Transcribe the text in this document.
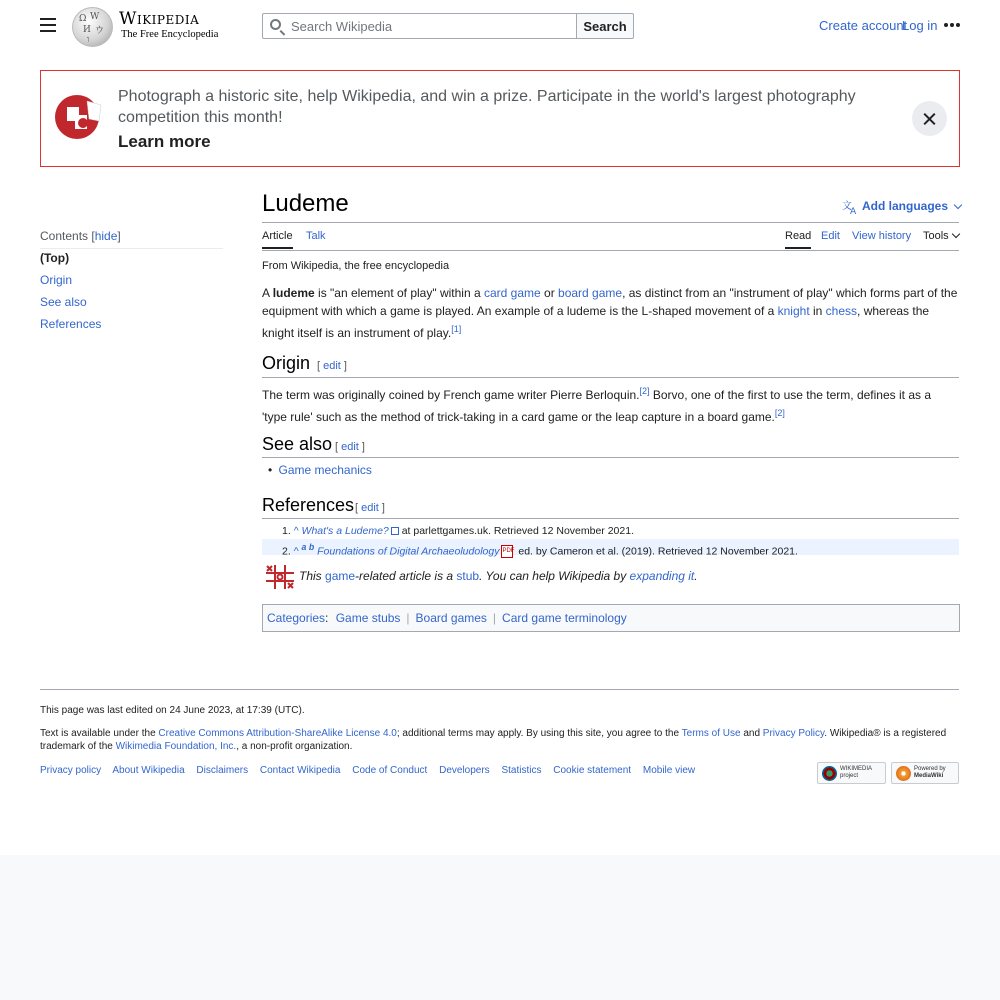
Ω W
И ウ
ו
Wikipedia
The Free Encyclopedia
Search Wikipedia
Search	Create account
Log in
Photograph a historic site, help Wikipedia, and win a prize. Participate in the world's largest photography competition this month!
Learn more
Contents [hide]
(Top)
Origin
See also
References
Ludeme	文
A Add languages
Article Talk	Read Edit View history Tools
From Wikipedia, the free encyclopedia
A ludeme is "an element of play" within a card game or board game, as distinct from an "instrument of play" which forms part of the equipment with which a game is played. An example of a ludeme is the L-shaped movement of a knight in chess, whereas the knight itself is an instrument of play.[1]
Origin [ edit ]
The term was originally coined by French game writer Pierre Berloquin.[2] Borvo, one of the first to use the term, defines it as a 'type rule' such as the method of trick-taking in a card game or the leap capture in a board game.[2]
See also [ edit ]
• Game mechanics
References [ edit ]
1. ^ What's a Ludeme? at parlettgames.uk. Retrieved 12 November 2021.
2. ^ $^{a b}$ Foundations of Digital Archaeoludology PDF ed. by Cameron et al. (2019). Retrieved 12 November 2021.
This game-related article is a stub. You can help Wikipedia by expanding it.
Categories: Game stubs | Board games | Card game terminology
This page was last edited on 24 June 2023, at 17:39 (UTC).
Text is available under the Creative Commons Attribution-ShareAlike License 4.0; additional terms may apply. By using this site, you agree to the Terms of Use and Privacy Policy. Wikipedia® is a registered trademark of the Wikimedia Foundation, Inc., a non-profit organization.
Privacy policy About Wikipedia Disclaimers Contact Wikipedia Code of Conduct Developers Statistics Cookie statement Mobile view	WIKIMEDIA
project
Powered by
MediaWiki
